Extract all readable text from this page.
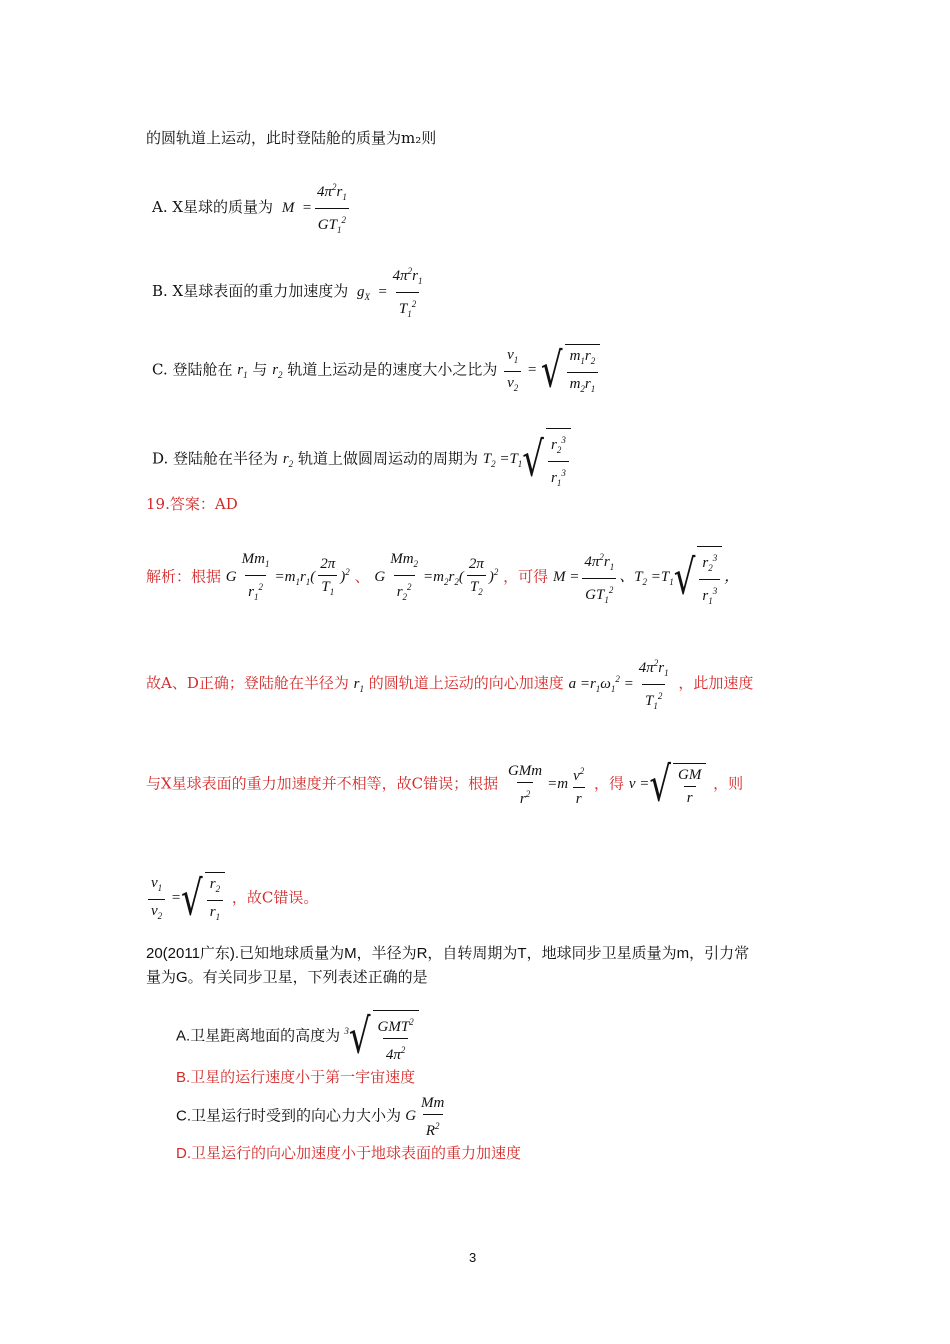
的圆轨道上运动，此时登陆舱的质量为m₂则
A. X星球的质量为 $M = \frac{4\pi^2r_1}{GT_1^2}$
B. X星球表面的重力加速度为 $g_X = \frac{4\pi^2r_1}{T_1^2}$
C. 登陆舱在 $r_1$ 与 $r_2$ 轨道上运动是的速度大小之比为 $\frac{v_1}{v_2}$ = √ $\frac{m_1r_2}{m_2r_1}$
D. 登陆舱在半径为 $r_2$ 轨道上做圆周运动的周期为 $T_2 =T_1$ √ $\frac{r_2^3}{r_1^3}$
19.答案：AD
解析：根据 G $\frac{Mm_1}{r_1^2} =m_1r_1( \frac{2\pi}{T_1} )^2$ 、 G $\frac{Mm_2}{r_2^2} =m_2r_2( \frac{2\pi}{T_2} )^2$ ，可得 $M = \frac{4\pi^2r_1}{GT_1^2}$ 、$T_2 =T_1$ √ $\frac{r_2^3}{r_1^3}$ ，
故A、D正确；登陆舱在半径为 $r_1$ 的圆轨道上运动的向心加速度 $a =r_1\omega_1^2 = \frac{4\pi^2r_1}{T_1^2}$ ，此加速度
与X星球表面的重力加速度并不相等，故C错误；根据 $\frac{\text{GMm}}{r^2} =m \frac{v^2}{r}$ ，得 v = √ $\frac{GM}{r}$ ，则
$\frac{v_1}{v_2}$ = √ $\frac{r_2}{r_1}$ ，故C错误。
20(2011广东).已知地球质量为M，半径为R，自转周期为T，地球同步卫星质量为m，引力常
量为G。有关同步卫星，下列表述正确的是
A.卫星距离地面的高度为 $^3$ √ $\frac{GMT^2}{4\pi^2}$
B.卫星的运行速度小于第一宇宙速度
C.卫星运行时受到的向心力大小为 G $\frac{Mm}{R^2}$
D.卫星运行的向心加速度小于地球表面的重力加速度
3
